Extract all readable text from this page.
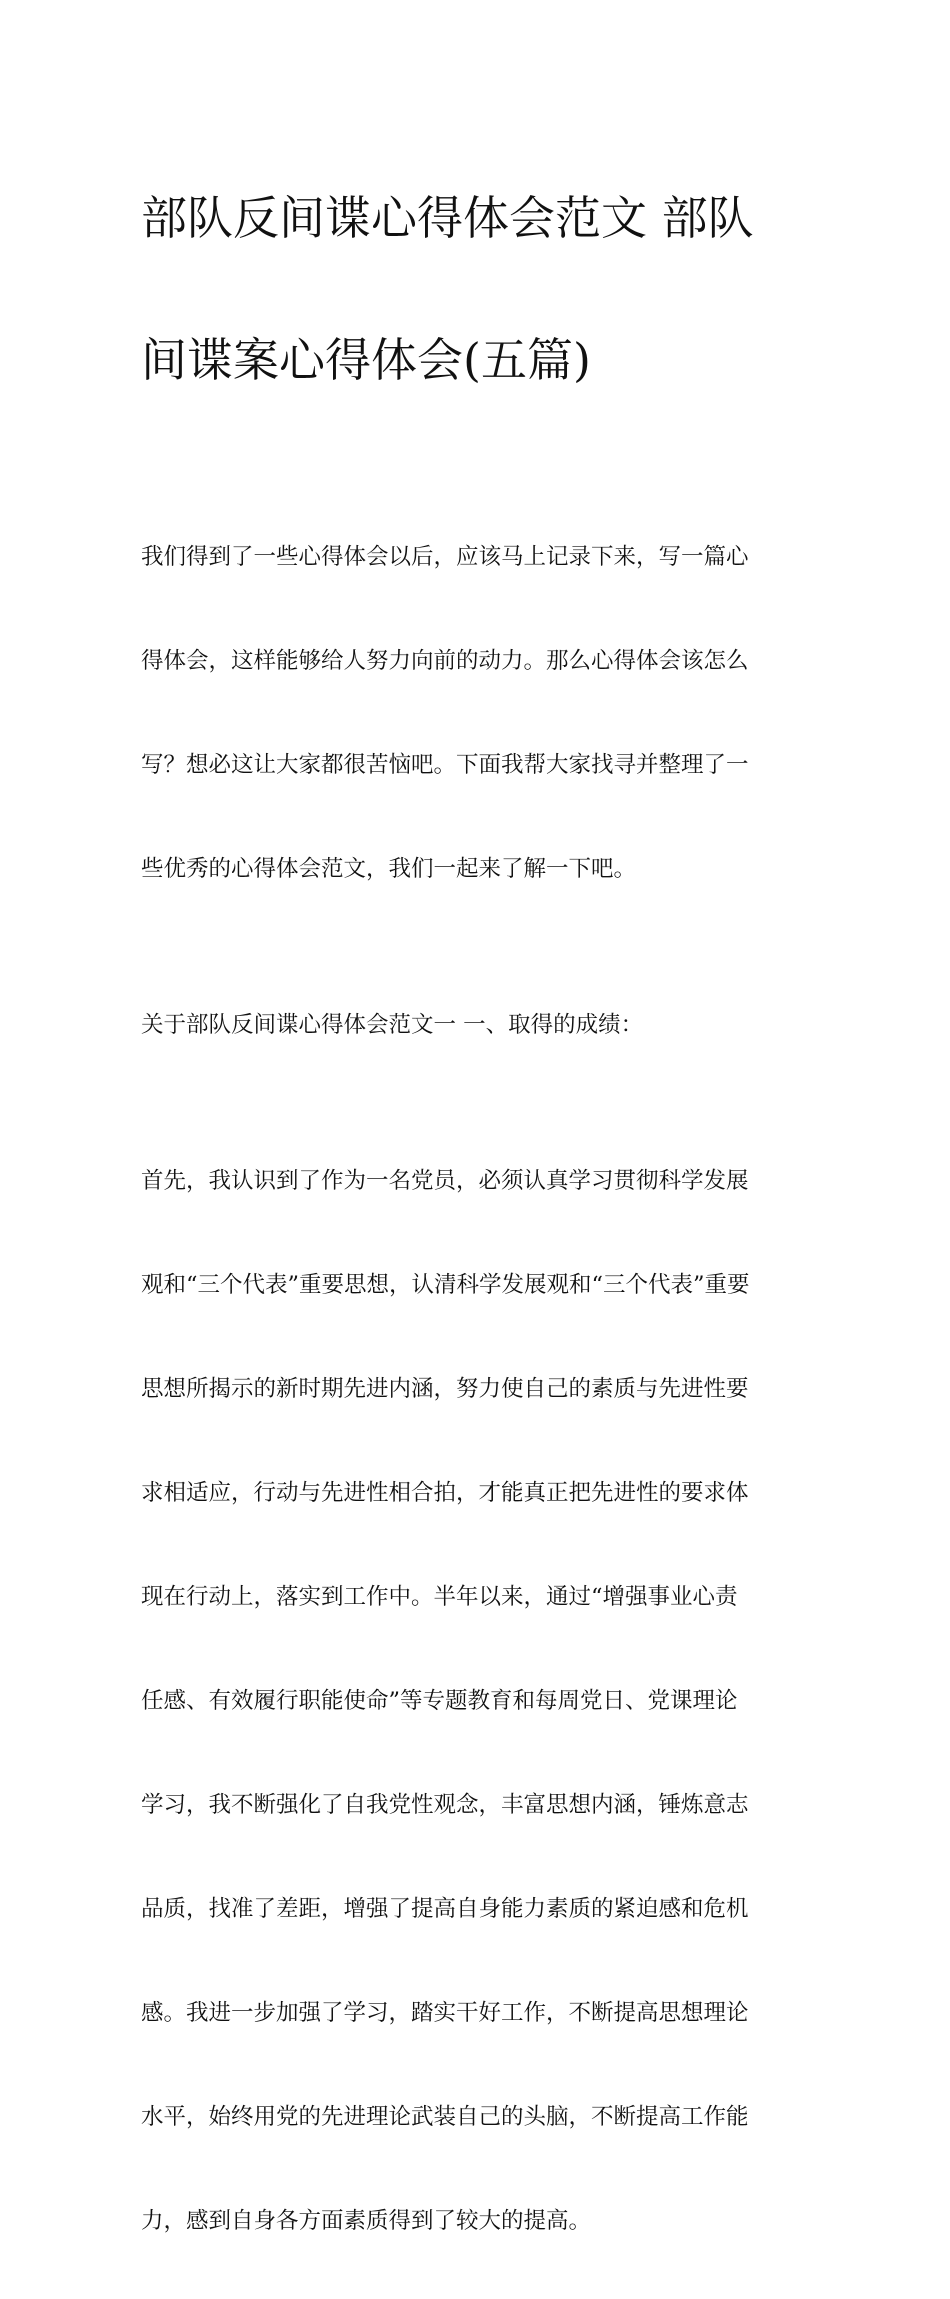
部队反间谍心得体会范文 部队

间谍案心得体会(五篇)

我们得到了一些心得体会以后，应该马上记录下来，写一篇心

得体会，这样能够给人努力向前的动力。那么心得体会该怎么

写？想必这让大家都很苦恼吧。下面我帮大家找寻并整理了一

些优秀的心得体会范文，我们一起来了解一下吧。

关于部队反间谍心得体会范文一 一、取得的成绩：

首先，我认识到了作为一名党员，必须认真学习贯彻科学发展

观和“三个代表”重要思想，认清科学发展观和“三个代表”重要

思想所揭示的新时期先进内涵，努力使自己的素质与先进性要

求相适应，行动与先进性相合拍，才能真正把先进性的要求体

现在行动上，落实到工作中。半年以来，通过“增强事业心责

任感、有效履行职能使命”等专题教育和每周党日、党课理论

学习，我不断强化了自我党性观念，丰富思想内涵，锤炼意志

品质，找准了差距，增强了提高自身能力素质的紧迫感和危机

感。我进一步加强了学习，踏实干好工作，不断提高思想理论

水平，始终用党的先进理论武装自己的头脑，不断提高工作能

力，感到自身各方面素质得到了较大的提高。
